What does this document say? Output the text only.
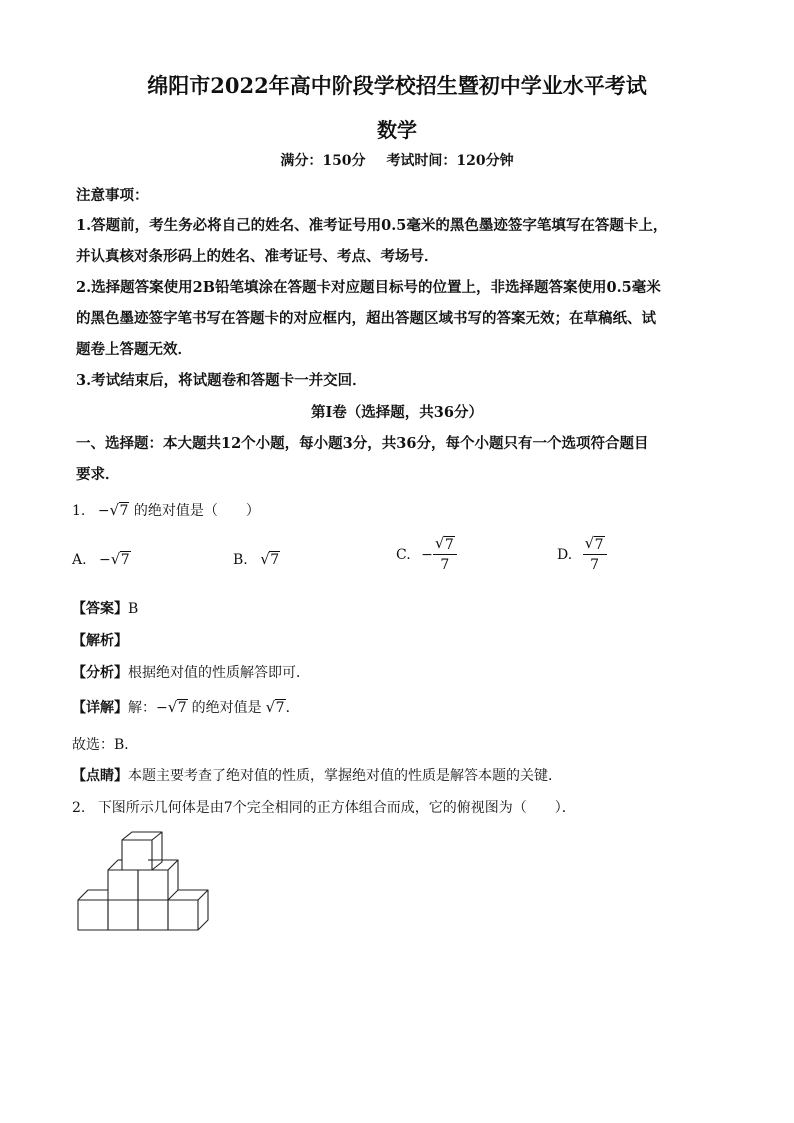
绵阳市2022年高中阶段学校招生暨初中学业水平考试
数学
满分：150分 考试时间：120分钟
注意事项：
1.答题前，考生务必将自己的姓名、准考证号用0.5毫米的黑色墨迹签字笔填写在答题卡上，
并认真核对条形码上的姓名、准考证号、考点、考场号．
2.选择题答案使用2B铅笔填涂在答题卡对应题目标号的位置上，非选择题答案使用0.5毫米
的黑色墨迹签字笔书写在答题卡的对应框内，超出答题区域书写的答案无效；在草稿纸、试
题卷上答题无效．
3.考试结束后，将试题卷和答题卡一并交回．
第Ⅰ卷（选择题，共36分）
一、选择题：本大题共12个小题，每小题3分，共36分，每个小题只有一个选项符合题目
要求．
1. − √ 7 的绝对值是（　　）
A. − √ 7	B. √ 7	C. − √ $\frac{7}{7}$	D. √ $\frac{7}{7}$
【答案】B
【解析】
【分析】根据绝对值的性质解答即可．
【详解】解：− √ 7 的绝对值是 √ 7．
故选：B．
【点睛】本题主要考查了绝对值的性质，掌握绝对值的性质是解答本题的关键．
2. 下图所示几何体是由7个完全相同的正方体组合而成，它的俯视图为（　　）．
